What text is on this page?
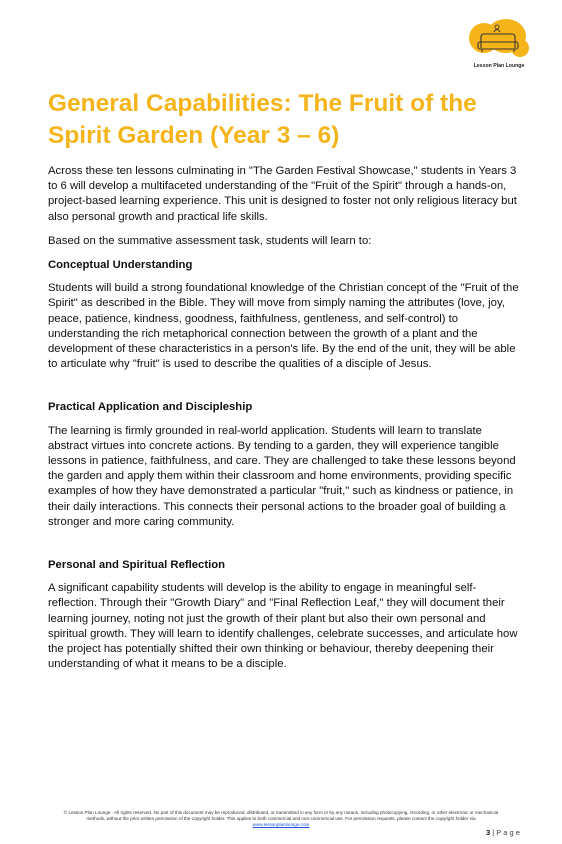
Lesson Plan Lounge
General Capabilities: The Fruit of the Spirit Garden (Year 3 – 6)

Across these ten lessons culminating in "The Garden Festival Showcase," students in Years 3 to 6 will develop a multifaceted understanding of the "Fruit of the Spirit" through a hands-on, project-based learning experience. This unit is designed to foster not only religious literacy but also personal growth and practical life skills.

Based on the summative assessment task, students will learn to:

Conceptual Understanding

Students will build a strong foundational knowledge of the Christian concept of the "Fruit of the Spirit" as described in the Bible. They will move from simply naming the attributes (love, joy, peace, patience, kindness, goodness, faithfulness, gentleness, and self-control) to understanding the rich metaphorical connection between the growth of a plant and the development of these characteristics in a person's life. By the end of the unit, they will be able to articulate why "fruit" is used to describe the qualities of a disciple of Jesus.

Practical Application and Discipleship

The learning is firmly grounded in real-world application. Students will learn to translate abstract virtues into concrete actions. By tending to a garden, they will experience tangible lessons in patience, faithfulness, and care. They are challenged to take these lessons beyond the garden and apply them within their classroom and home environments, providing specific examples of how they have demonstrated a particular "fruit," such as kindness or patience, in their daily interactions. This connects their personal actions to the broader goal of building a stronger and more caring community.

Personal and Spiritual Reflection

A significant capability students will develop is the ability to engage in meaningful self-reflection. Through their "Growth Diary" and "Final Reflection Leaf," they will document their learning journey, noting not just the growth of their plant but also their own personal and spiritual growth. They will learn to identify challenges, celebrate successes, and articulate how the project has potentially shifted their own thinking or behaviour, thereby deepening their understanding of what it means to be a disciple.

© Lesson Plan Lounge - All rights reserved. No part of this document may be reproduced, distributed, or transmitted in any form or by any means, including photocopying, recording, or other electronic or mechanical methods, without the prior written permission of the copyright holder. This applies to both commercial and non-commercial use. For permission requests, please contact the copyright holder via
www.lessonplanlounge.com
3 | P a g e
